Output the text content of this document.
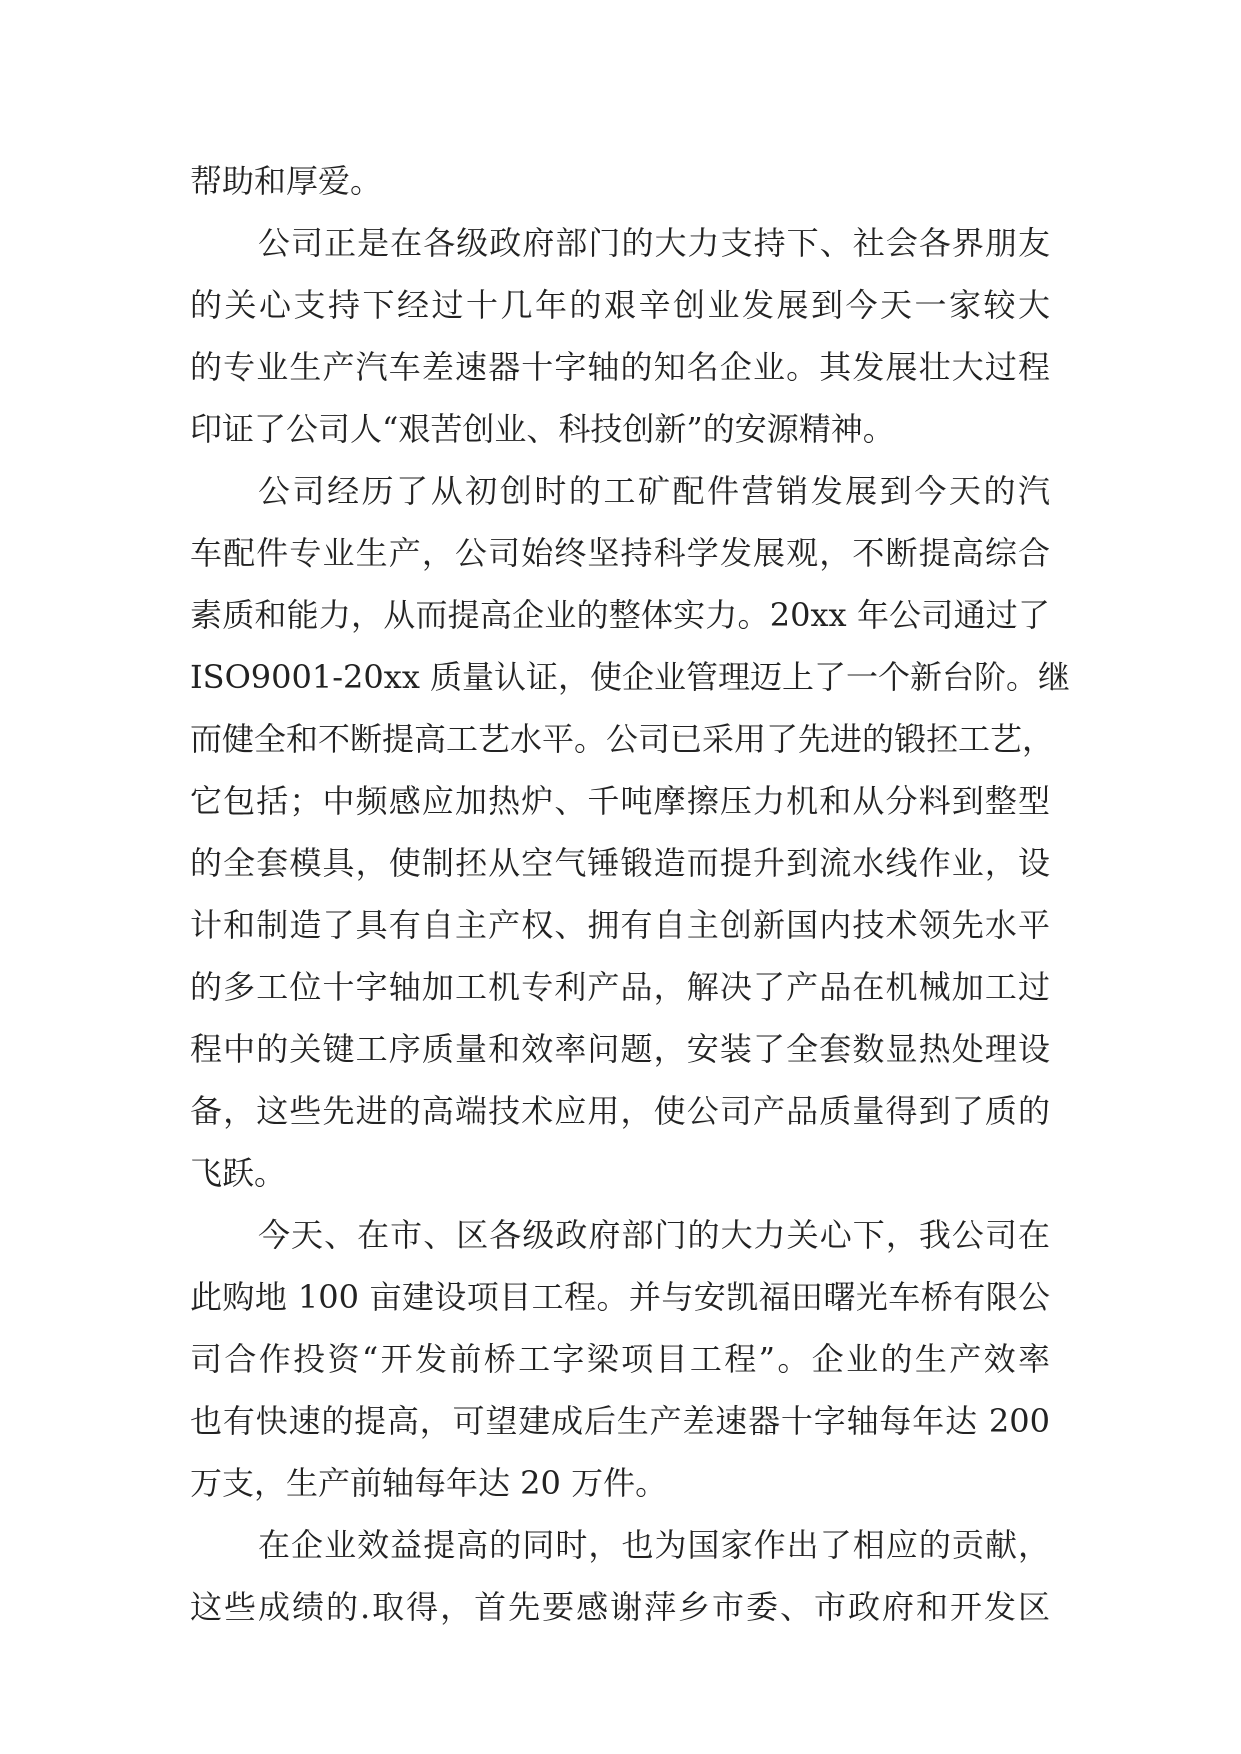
帮助和厚爱。
公司正是在各级政府部门的大力支持下、社会各界朋友
的关心支持下经过十几年的艰辛创业发展到今天一家较大
的专业生产汽车差速器十字轴的知名企业。其发展壮大过程
印证了公司人“艰苦创业、科技创新”的安源精神。
公司经历了从初创时的工矿配件营销发展到今天的汽
车配件专业生产，公司始终坚持科学发展观，不断提高综合
素质和能力，从而提高企业的整体实力。20xx 年公司通过了
ISO9001-20xx 质量认证，使企业管理迈上了一个新台阶。继
而健全和不断提高工艺水平。公司已采用了先进的锻抷工艺，
它包括；中频感应加热炉、千吨摩擦压力机和从分料到整型
的全套模具，使制抷从空气锤锻造而提升到流水线作业，设
计和制造了具有自主产权、拥有自主创新国内技术领先水平
的多工位十字轴加工机专利产品，解决了产品在机械加工过
程中的关键工序质量和效率问题，安装了全套数显热处理设
备，这些先进的高端技术应用，使公司产品质量得到了质的
飞跃。
今天、在市、区各级政府部门的大力关心下，我公司在
此购地 100 亩建设项目工程。并与安凯福田曙光车桥有限公
司合作投资“开发前桥工字梁项目工程”。企业的生产效率
也有快速的提高，可望建成后生产差速器十字轴每年达 200
万支，生产前轴每年达 20 万件。
在企业效益提高的同时，也为国家作出了相应的贡献，
这些成绩的.取得，首先要感谢萍乡市委、市政府和开发区
